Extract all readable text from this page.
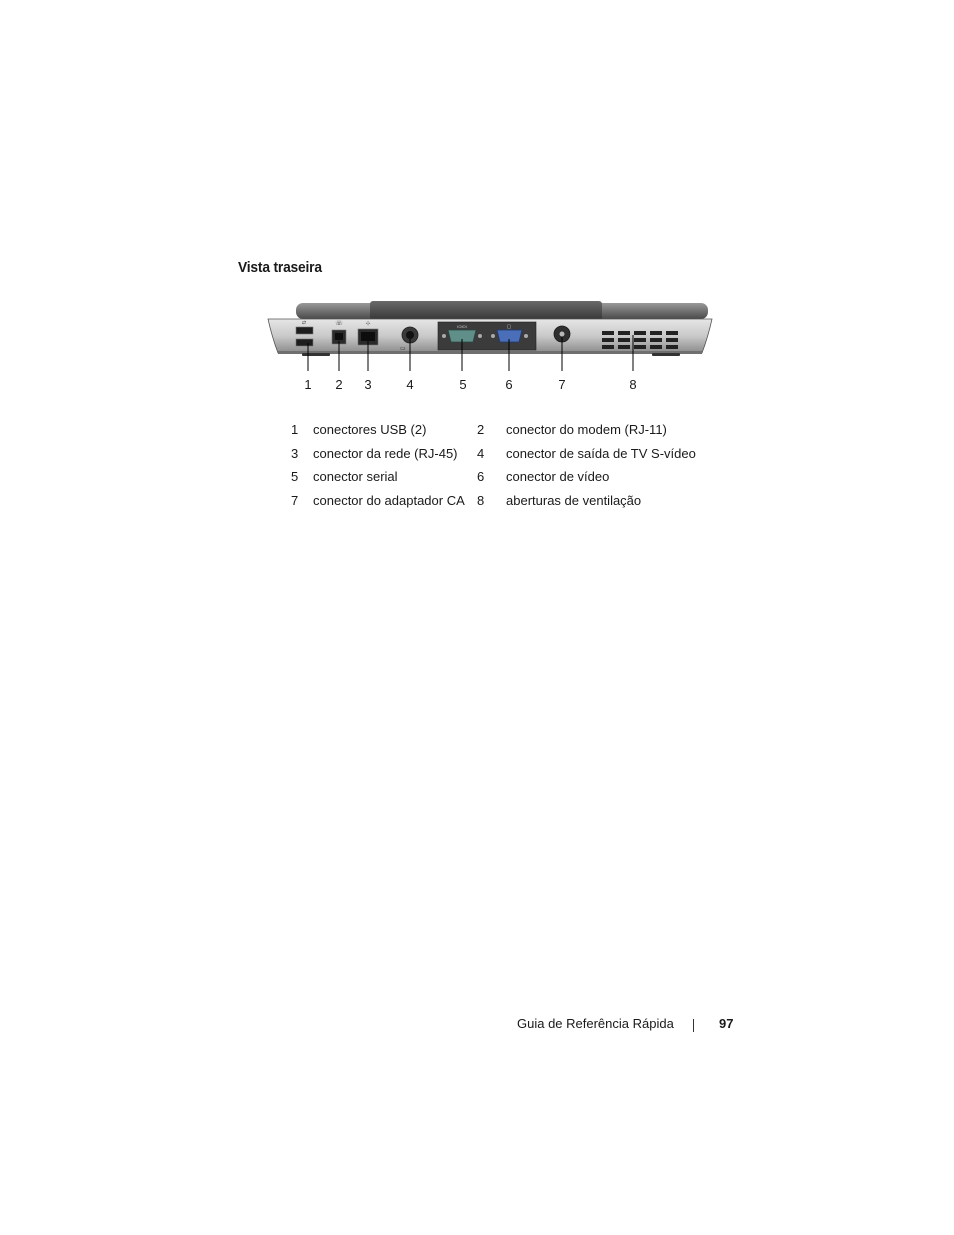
Vista traseira
⇄	☏	⊹
▭
IOIOI	▢
1 2 3	4	5	6	7	8
1	conectores USB (2)	2	conector do modem (RJ-11)
3	conector da rede (RJ-45)	4	conector de saída de TV S-vídeo
5	conector serial	6	conector de vídeo
7	conector do adaptador CA	8	aberturas de ventilação
Guia de Referência Rápida	97
